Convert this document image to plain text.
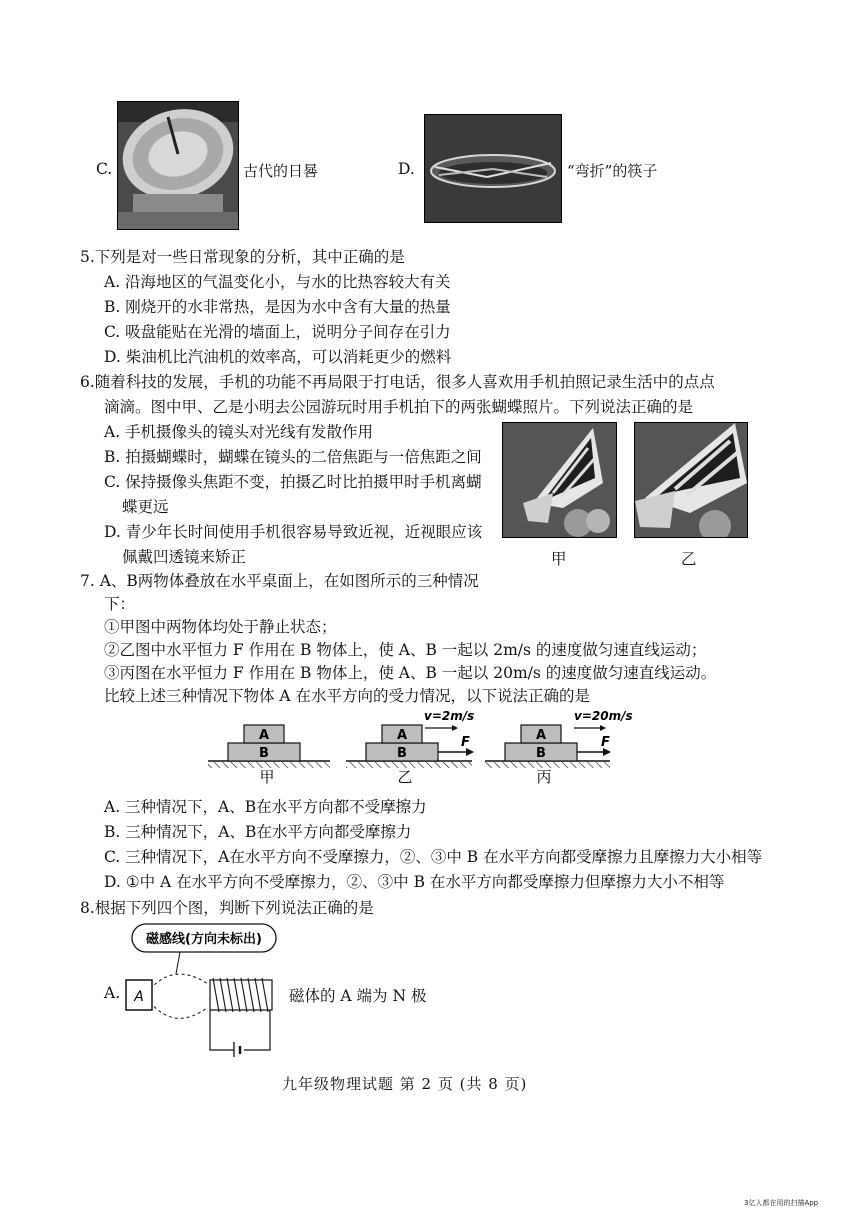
C.	古代的日晷	D.	“弯折”的筷子
5.下列是对一些日常现象的分析，其中正确的是
A. 沿海地区的气温变化小，与水的比热容较大有关
B. 刚烧开的水非常热，是因为水中含有大量的热量
C. 吸盘能贴在光滑的墙面上，说明分子间存在引力
D. 柴油机比汽油机的效率高，可以消耗更少的燃料
6.随着科技的发展，手机的功能不再局限于打电话，很多人喜欢用手机拍照记录生活中的点点
滴滴。图中甲、乙是小明去公园游玩时用手机拍下的两张蝴蝶照片。下列说法正确的是
A. 手机摄像头的镜头对光线有发散作用
B. 拍摄蝴蝶时，蝴蝶在镜头的二倍焦距与一倍焦距之间
C. 保持摄像头焦距不变，拍摄乙时比拍摄甲时手机离蝴
蝶更远
D. 青少年长时间使用手机很容易导致近视，近视眼应该
佩戴凹透镜来矫正	甲	乙
7. A、B两物体叠放在水平桌面上，在如图所示的三种情况
下：
①甲图中两物体均处于静止状态；
②乙图中水平恒力 F 作用在 B 物体上，使 A、B 一起以 2m/s 的速度做匀速直线运动；
③丙图在水平恒力 F 作用在 B 物体上，使 A、B 一起以 20m/s 的速度做匀速直线运动。
比较上述三种情况下物体 A 在水平方向的受力情况，以下说法正确的是
B
A
甲
B
A
v=2m/s
F
乙
B
A
v=20m/s
F
丙
A. 三种情况下，A、B在水平方向都不受摩擦力
B. 三种情况下，A、B在水平方向都受摩擦力
C. 三种情况下，A在水平方向不受摩擦力，②、③中 B 在水平方向都受摩擦力且摩擦力大小相等
D. ①中 A 在水平方向不受摩擦力，②、③中 B 在水平方向都受摩擦力但摩擦力大小不相等
8.根据下列四个图，判断下列说法正确的是
A.
磁感线(方向未标出)
A	磁体的 A 端为 N 极
九年级物理试题 第 2 页 (共 8 页)
3亿人都在用的扫描App
